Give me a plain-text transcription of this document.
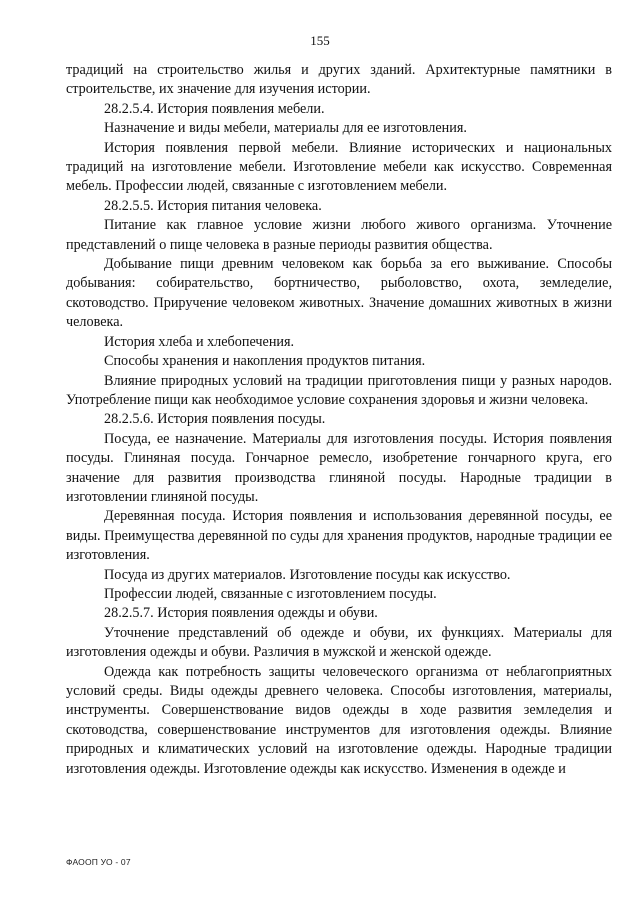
155

традиций на строительство жилья и других зданий. Архитектурные памятники в строительстве, их значение для изучения истории.

28.2.5.4. История появления мебели.

Назначение и виды мебели, материалы для ее изготовления.

История появления первой мебели. Влияние исторических и национальных традиций на изготовление мебели. Изготовление мебели как искусство. Современная мебель. Профессии людей, связанные с изготовлением мебели.

28.2.5.5. История питания человека.

Питание как главное условие жизни любого живого организма. Уточнение представлений о пище человека в разные периоды развития общества.

Добывание пищи древним человеком как борьба за его выживание. Способы добывания: собирательство, бортничество, рыболовство, охота, земледелие, скотоводство. Приручение человеком животных. Значение домашних животных в жизни человека.

История хлеба и хлебопечения.

Способы хранения и накопления продуктов питания.

Влияние природных условий на традиции приготовления пищи у разных народов. Употребление пищи как необходимое условие сохранения здоровья и жизни человека.

28.2.5.6. История появления посуды.

Посуда, ее назначение. Материалы для изготовления посуды. История появления посуды. Глиняная посуда. Гончарное ремесло, изобретение гончарного круга, его значение для развития производства глиняной посуды. Народные традиции в изготовлении глиняной посуды.

Деревянная посуда. История появления и использования деревянной посуды, ее виды. Преимущества деревянной по суды для хранения продуктов, народные традиции ее изготовления.

Посуда из других материалов. Изготовление посуды как искусство.

Профессии людей, связанные с изготовлением посуды.

28.2.5.7. История появления одежды и обуви.

Уточнение представлений об одежде и обуви, их функциях. Материалы для изготовления одежды и обуви. Различия в мужской и женской одежде.

Одежда как потребность защиты человеческого организма от неблагоприятных условий среды. Виды одежды древнего человека. Способы изготовления, материалы, инструменты. Совершенствование видов одежды в ходе развития земледелия и скотоводства, совершенствование инструментов для изготовления одежды. Влияние природных и климатических условий на изготовление одежды. Народные традиции изготовления одежды. Изготовление одежды как искусство. Изменения в одежде и

ФАООП УО - 07
